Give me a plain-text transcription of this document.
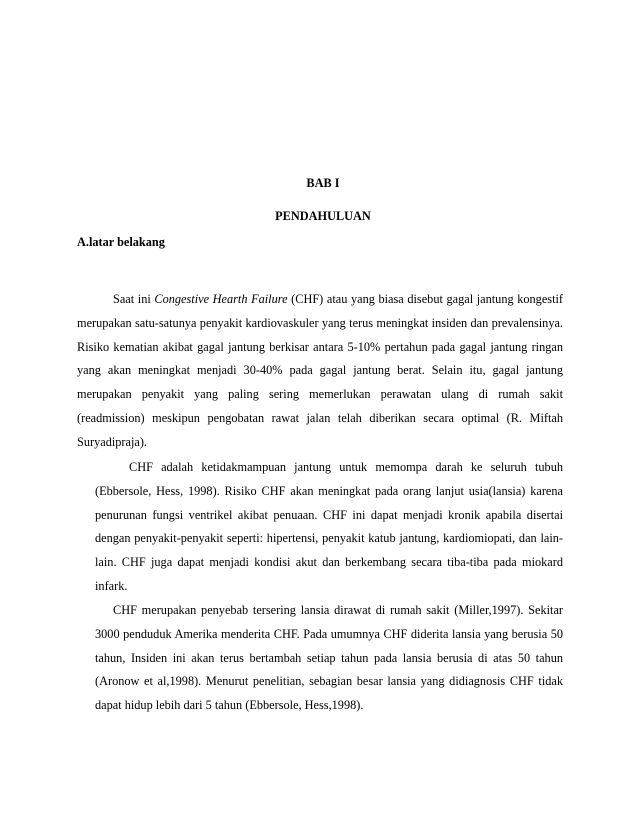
BAB I
PENDAHULUAN
A.latar belakang

Saat ini Congestive Hearth Failure (CHF) atau yang biasa disebut gagal jantung kongestif merupakan satu-satunya penyakit kardiovaskuler yang terus meningkat insiden dan prevalensinya. Risiko kematian akibat gagal jantung berkisar antara 5-10% pertahun pada gagal jantung ringan yang akan meningkat menjadi 30-40% pada gagal jantung berat. Selain itu, gagal jantung merupakan penyakit yang paling sering memerlukan perawatan ulang di rumah sakit (readmission) meskipun pengobatan rawat jalan telah diberikan secara optimal (R. Miftah Suryadipraja).

CHF adalah ketidakmampuan jantung untuk memompa darah ke seluruh tubuh (Ebbersole, Hess, 1998). Risiko CHF akan meningkat pada orang lanjut usia(lansia) karena penurunan fungsi ventrikel akibat penuaan. CHF ini dapat menjadi kronik apabila disertai dengan penyakit-penyakit seperti: hipertensi, penyakit katub jantung, kardiomiopati, dan lain-lain. CHF juga dapat menjadi kondisi akut dan berkembang secara tiba-tiba pada miokard infark.

CHF merupakan penyebab tersering lansia dirawat di rumah sakit (Miller,1997). Sekitar 3000 penduduk Amerika menderita CHF. Pada umumnya CHF diderita lansia yang berusia 50 tahun, Insiden ini akan terus bertambah setiap tahun pada lansia berusia di atas 50 tahun (Aronow et al,1998). Menurut penelitian, sebagian besar lansia yang didiagnosis CHF tidak dapat hidup lebih dari 5 tahun (Ebbersole, Hess,1998).
